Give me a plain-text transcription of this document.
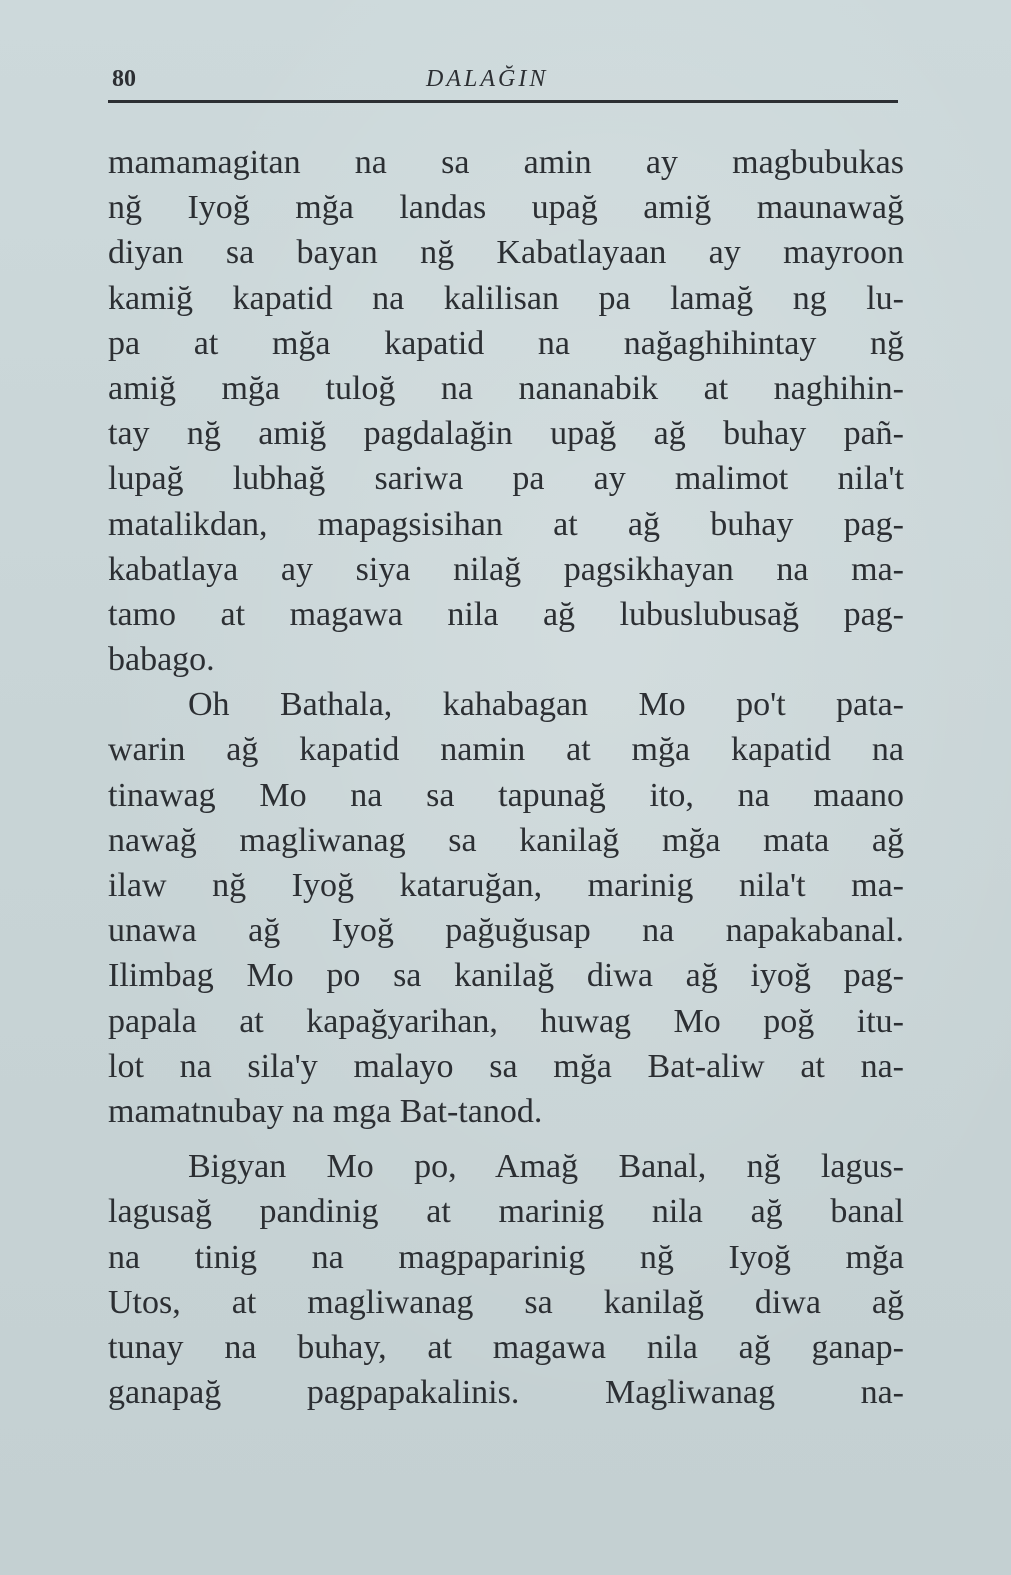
80	DALAĞIN
mamamagitan na sa amin ay magbubukas
nğ Iyoğ mğa landas upağ amiğ maunawağ
diyan sa bayan nğ Kabatlayaan ay mayroon
kamiğ kapatid na kalilisan pa lamağ ng lu-
pa at mğa kapatid na nağaghihintay nğ
amiğ mğa tuloğ na nananabik at naghihin-
tay nğ amiğ pagdalağin upağ ağ buhay pañ-
lupağ lubhağ sariwa pa ay malimot nila't
matalikdan, mapagsisihan at ağ buhay pag-
kabatlaya ay siya nilağ pagsikhayan na ma-
tamo at magawa nila ağ lubuslubusağ pag-
babago.
Oh Bathala, kahabagan Mo po't pata-
warin ağ kapatid namin at mğa kapatid na
tinawag Mo na sa tapunağ ito, na maano
nawağ magliwanag sa kanilağ mğa mata ağ
ilaw nğ Iyoğ kataruğan, marinig nila't ma-
unawa ağ Iyoğ pağuğusap na napakabanal.
Ilimbag Mo po sa kanilağ diwa ağ iyoğ pag-
papala at kapağyarihan, huwag Mo poğ itu-
lot na sila'y malayo sa mğa Bat-aliw at na-
mamatnubay na mga Bat-tanod.
Bigyan Mo po, Amağ Banal, nğ lagus-
lagusağ pandinig at marinig nila ağ banal
na tinig na magpaparinig nğ Iyoğ mğa
Utos, at magliwanag sa kanilağ diwa ağ
tunay na buhay, at magawa nila ağ ganap-
ganapağ pagpapakalinis. Magliwanag na-
